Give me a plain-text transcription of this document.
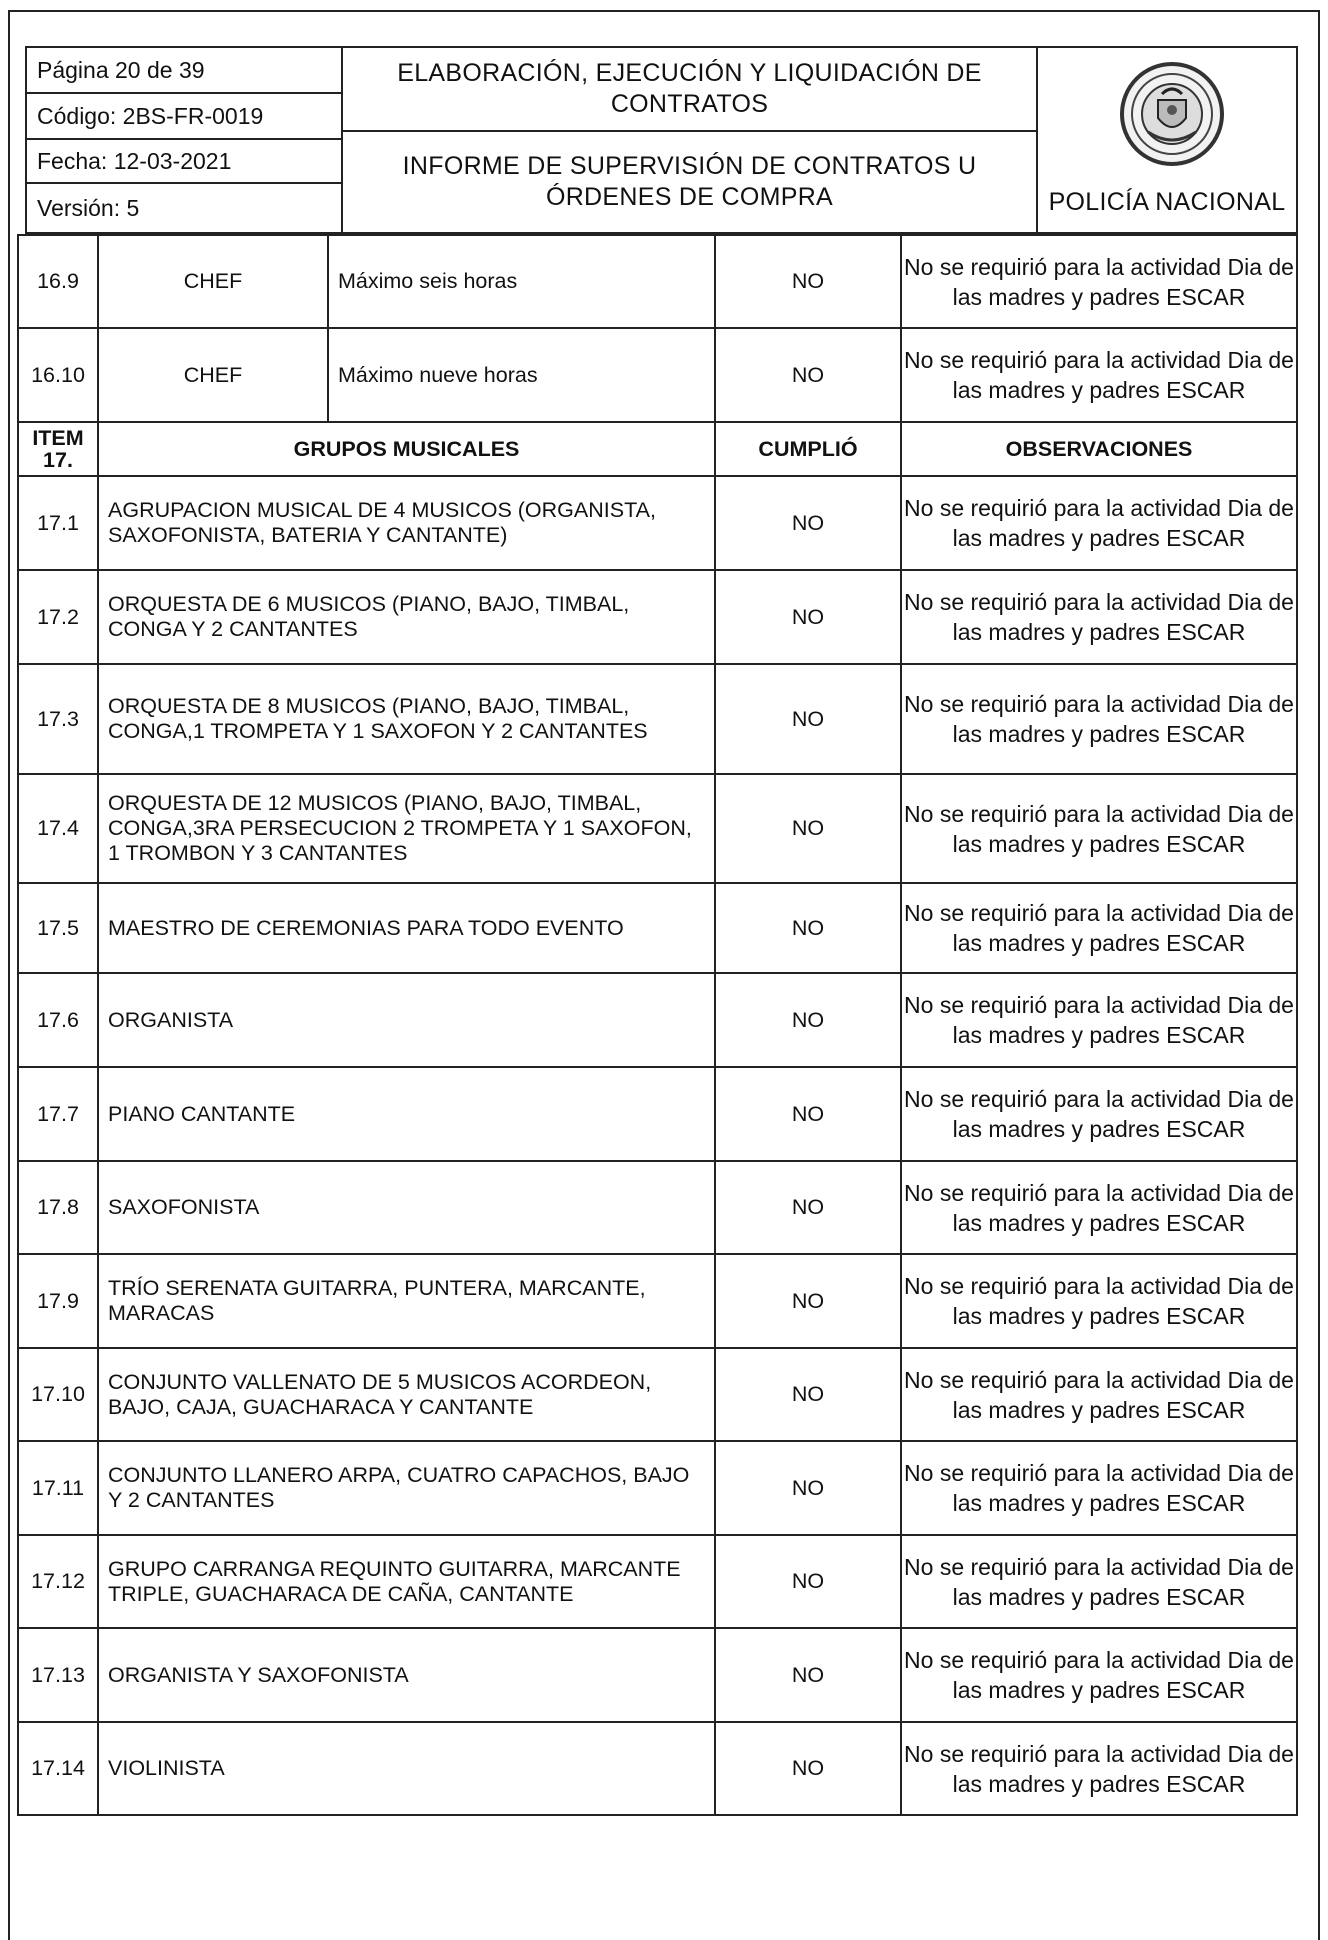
Página 20 de 39
Código: 2BS-FR-0019
Fecha: 12-03-2021
Versión: 5
ELABORACIÓN, EJECUCIÓN Y LIQUIDACIÓN DE CONTRATOS
INFORME DE SUPERVISIÓN DE CONTRATOS U ÓRDENES DE COMPRA	POLICÍA NACIONAL
16.9	CHEF	Máximo seis horas	NO	No se requirió para la actividad Dia de las madres y padres ESCAR
16.10	CHEF	Máximo nueve horas	NO	No se requirió para la actividad Dia de las madres y padres ESCAR
ITEM 17.	GRUPOS MUSICALES		CUMPLIÓ	OBSERVACIONES
17.1	AGRUPACION MUSICAL DE 4 MUSICOS (ORGANISTA, SAXOFONISTA, BATERIA Y CANTANTE)		NO	No se requirió para la actividad Dia de las madres y padres ESCAR
17.2	ORQUESTA DE 6 MUSICOS (PIANO, BAJO, TIMBAL, CONGA Y 2 CANTANTES		NO	No se requirió para la actividad Dia de las madres y padres ESCAR
17.3	ORQUESTA DE 8 MUSICOS (PIANO, BAJO, TIMBAL, CONGA,1 TROMPETA Y 1 SAXOFON Y 2 CANTANTES		NO	No se requirió para la actividad Dia de las madres y padres ESCAR
17.4	ORQUESTA DE 12 MUSICOS (PIANO, BAJO, TIMBAL, CONGA,3RA PERSECUCION 2 TROMPETA Y 1 SAXOFON, 1 TROMBON Y 3 CANTANTES		NO	No se requirió para la actividad Dia de las madres y padres ESCAR
17.5	MAESTRO DE CEREMONIAS PARA TODO EVENTO		NO	No se requirió para la actividad Dia de las madres y padres ESCAR
17.6	ORGANISTA		NO	No se requirió para la actividad Dia de las madres y padres ESCAR
17.7	PIANO CANTANTE		NO	No se requirió para la actividad Dia de las madres y padres ESCAR
17.8	SAXOFONISTA		NO	No se requirió para la actividad Dia de las madres y padres ESCAR
17.9	TRÍO SERENATA GUITARRA, PUNTERA, MARCANTE, MARACAS		NO	No se requirió para la actividad Dia de las madres y padres ESCAR
17.10	CONJUNTO VALLENATO DE 5 MUSICOS ACORDEON, BAJO, CAJA, GUACHARACA Y CANTANTE		NO	No se requirió para la actividad Dia de las madres y padres ESCAR
17.11	CONJUNTO LLANERO ARPA, CUATRO CAPACHOS, BAJO Y 2 CANTANTES		NO	No se requirió para la actividad Dia de las madres y padres ESCAR
17.12	GRUPO CARRANGA REQUINTO GUITARRA, MARCANTE TRIPLE, GUACHARACA DE CAÑA, CANTANTE		NO	No se requirió para la actividad Dia de las madres y padres ESCAR
17.13	ORGANISTA Y SAXOFONISTA		NO	No se requirió para la actividad Dia de las madres y padres ESCAR
17.14	VIOLINISTA		NO	No se requirió para la actividad Dia de las madres y padres ESCAR
